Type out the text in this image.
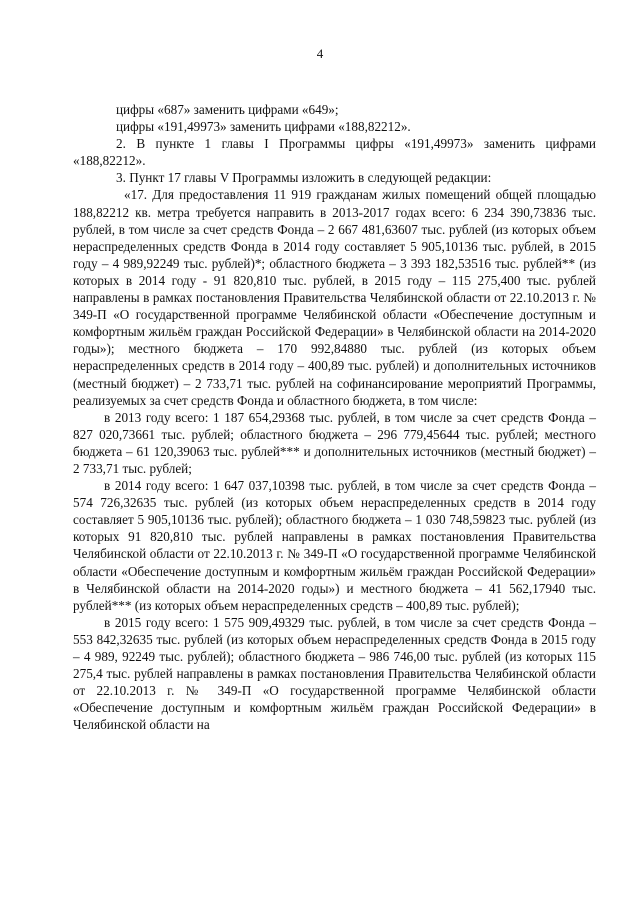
4

цифры «687» заменить цифрами «649»;

цифры «191,49973» заменить цифрами «188,82212».

2. В пункте 1 главы I Программы цифры «191,49973» заменить цифрами «188,82212».

3. Пункт 17 главы V Программы изложить в следующей редакции:

«17. Для предоставления 11 919 гражданам жилых помещений общей площадью 188,82212 кв. метра требуется направить в 2013-2017 годах всего: 6 234 390,73836 тыс. рублей, в том числе за счет средств Фонда – 2 667 481,63607 тыс. рублей (из которых объем нераспределенных средств Фонда в 2014 году составляет 5 905,10136 тыс. рублей, в 2015 году – 4 989,92249 тыс. рублей)*; областного бюджета – 3 393 182,53516 тыс. рублей** (из которых в 2014 году - 91 820,810 тыс. рублей, в 2015 году – 115 275,400 тыс. рублей направлены в рамках постановления Правительства Челябинской области от 22.10.2013 г. № 349-П «О государственной программе Челябинской области «Обеспечение доступным и комфортным жильём граждан Российской Федерации» в Челябинской области на 2014-2020 годы»); местного бюджета – 170 992,84880 тыс. рублей (из которых объем нераспределенных средств в 2014 году – 400,89 тыс. рублей) и дополнительных источников (местный бюджет) – 2 733,71 тыс. рублей на софинансирование мероприятий Программы, реализуемых за счет средств Фонда и областного бюджета, в том числе:

в 2013 году всего: 1 187 654,29368 тыс. рублей, в том числе за счет средств Фонда – 827 020,73661 тыс. рублей; областного бюджета – 296 779,45644 тыс. рублей; местного бюджета – 61 120,39063 тыс. рублей*** и дополнительных источников (местный бюджет) – 2 733,71 тыс. рублей;

в 2014 году всего: 1 647 037,10398 тыс. рублей, в том числе за счет средств Фонда – 574 726,32635 тыс. рублей (из которых объем нераспределенных средств в 2014 году составляет 5 905,10136 тыс. рублей); областного бюджета – 1 030 748,59823 тыс. рублей (из которых 91 820,810 тыс. рублей направлены в рамках постановления Правительства Челябинской области от 22.10.2013 г. № 349-П «О государственной программе Челябинской области «Обеспечение доступным и комфортным жильём граждан Российской Федерации» в Челябинской области на 2014-2020 годы») и местного бюджета – 41 562,17940 тыс. рублей*** (из которых объем нераспределенных средств – 400,89 тыс. рублей);

в 2015 году всего: 1 575 909,49329 тыс. рублей, в том числе за счет средств Фонда – 553 842,32635 тыс. рублей (из которых объем нераспределенных средств Фонда в 2015 году – 4 989, 92249 тыс. рублей); областного бюджета – 986 746,00 тыс. рублей (из которых 115 275,4 тыс. рублей направлены в рамках постановления Правительства Челябинской области от 22.10.2013 г. № 349-П «О государственной программе Челябинской области «Обеспечение доступным и комфортным жильём граждан Российской Федерации» в Челябинской области на
